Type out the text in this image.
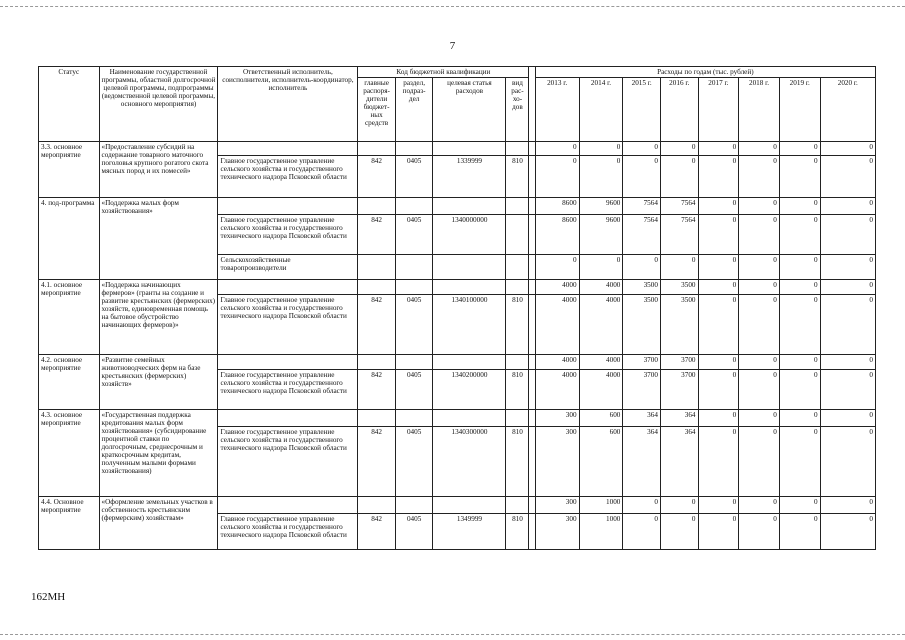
7
Статус	Наименование государственной программы, областной долгосрочной целевой программы, подпрограммы (ведомственной целевой программы, основного мероприятия)	Ответственный исполнитель, соисполнители, исполнитель-координатор, исполнитель	Код бюджетной квалификации					Расходы по годам (тыс. рублей)							
			главные распоря-дители бюджет-ных средств	раздел, подраз-дел	целевая статья расходов	вид рас-хо-дов		2013 г.	2014 г.	2015 г.	2016 г.	2017 г.	2018 г.	2019 г.	2020 г.
3.3. основное мероприятие	«Предоставление субсидий на содержание товарного маточного поголовья крупного рогатого скота мясных пород и их помесей»							0	0	0	0	0	0	0	0
		Главное государственное управление сельского хозяйства и государственного технического надзора Псковской области	842	0405	1339999	810		0	0	0	0	0	0	0	0
4. под-программа	«Поддержка малых форм хозяйствования»							8600	9600	7564	7564	0	0	0	0
		Главное государственное управление сельского хозяйства и государственного технического надзора Псковской области	842	0405	1340000000			8600	9600	7564	7564	0	0	0	0
		Сельскохозяйственные товаропроизводители						0	0	0	0	0	0	0	0
4.1. основное мероприятие	«Поддержка начинающих фермеров» (гранты на создание и развитие крестьянских (фермерских) хозяйств, единовременная помощь на бытовое обустройство начинающих фермеров)»							4000	4000	3500	3500	0	0	0	0
		Главное государственное управление сельского хозяйства и государственного технического надзора Псковской области	842	0405	1340100000	810		4000	4000	3500	3500	0	0	0	0
4.2. основное мероприятие	«Развитие семейных животноводческих ферм на базе крестьянских (фермерских) хозяйств»							4000	4000	3700	3700	0	0	0	0
		Главное государственное управление сельского хозяйства и государственного технического надзора Псковской области	842	0405	1340200000	810		4000	4000	3700	3700	0	0	0	0
4.3. основное мероприятие	«Государственная поддержка кредитования малых форм хозяйствования» (субсидирование процентной ставки по долгосрочным, среднесрочным и краткосрочным кредитам, полученным малыми формами хозяйствования)							300	600	364	364	0	0	0	0
		Главное государственное управление сельского хозяйства и государственного технического надзора Псковской области	842	0405	1340300000	810		300	600	364	364	0	0	0	0
4.4. Основное мероприятие	«Оформление земельных участков в собственность крестьянским (фермерским) хозяйствам»							300	1000	0	0	0	0	0	0
		Главное государственное управление сельского хозяйства и государственного технического надзора Псковской области	842	0405	1349999	810		300	1000	0	0	0	0	0	0
162МН
